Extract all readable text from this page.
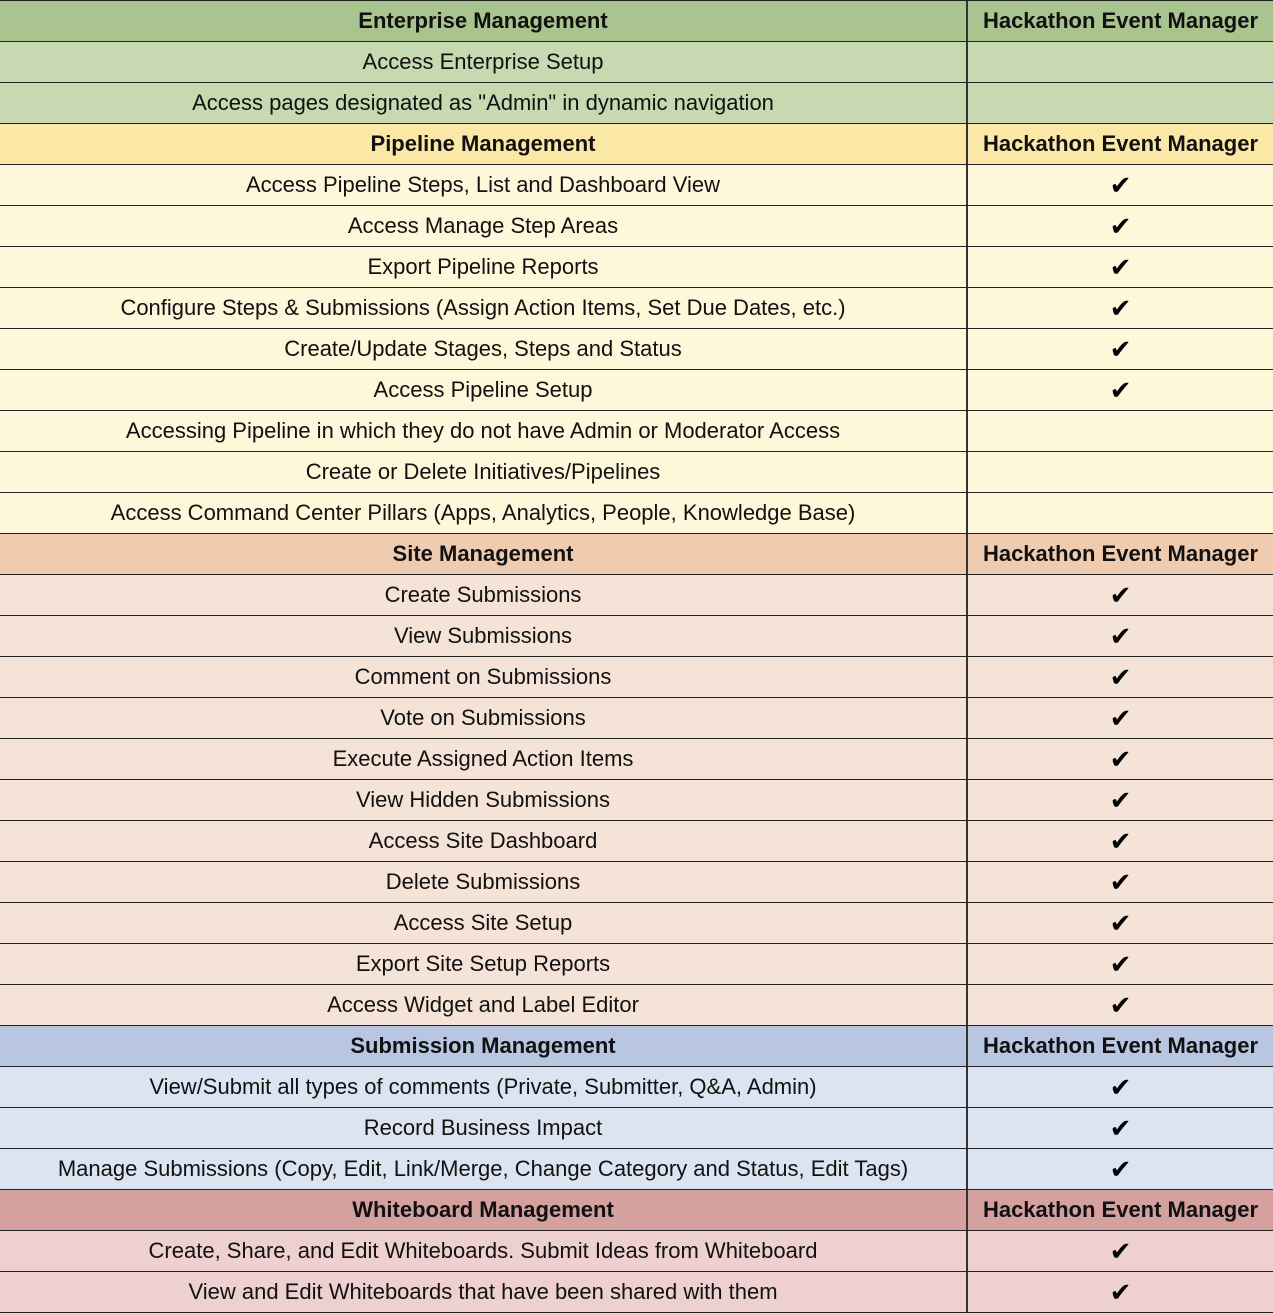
Enterprise Management	Hackathon Event Manager
Access Enterprise Setup
Access pages designated as "Admin" in dynamic navigation
Pipeline Management	Hackathon Event Manager
Access Pipeline Steps, List and Dashboard View	✔
Access Manage Step Areas	✔
Export Pipeline Reports	✔
Configure Steps & Submissions (Assign Action Items, Set Due Dates, etc.)	✔
Create/Update Stages, Steps and Status	✔
Access Pipeline Setup	✔
Accessing Pipeline in which they do not have Admin or Moderator Access
Create or Delete Initiatives/Pipelines
Access Command Center Pillars (Apps, Analytics, People, Knowledge Base)
Site Management	Hackathon Event Manager
Create Submissions	✔
View Submissions	✔
Comment on Submissions	✔
Vote on Submissions	✔
Execute Assigned Action Items	✔
View Hidden Submissions	✔
Access Site Dashboard	✔
Delete Submissions	✔
Access Site Setup	✔
Export Site Setup Reports	✔
Access Widget and Label Editor	✔
Submission Management	Hackathon Event Manager
View/Submit all types of comments (Private, Submitter, Q&A, Admin)	✔
Record Business Impact	✔
Manage Submissions (Copy, Edit, Link/Merge, Change Category and Status, Edit Tags)	✔
Whiteboard Management	Hackathon Event Manager
Create, Share, and Edit Whiteboards. Submit Ideas from Whiteboard	✔
View and Edit Whiteboards that have been shared with them	✔
